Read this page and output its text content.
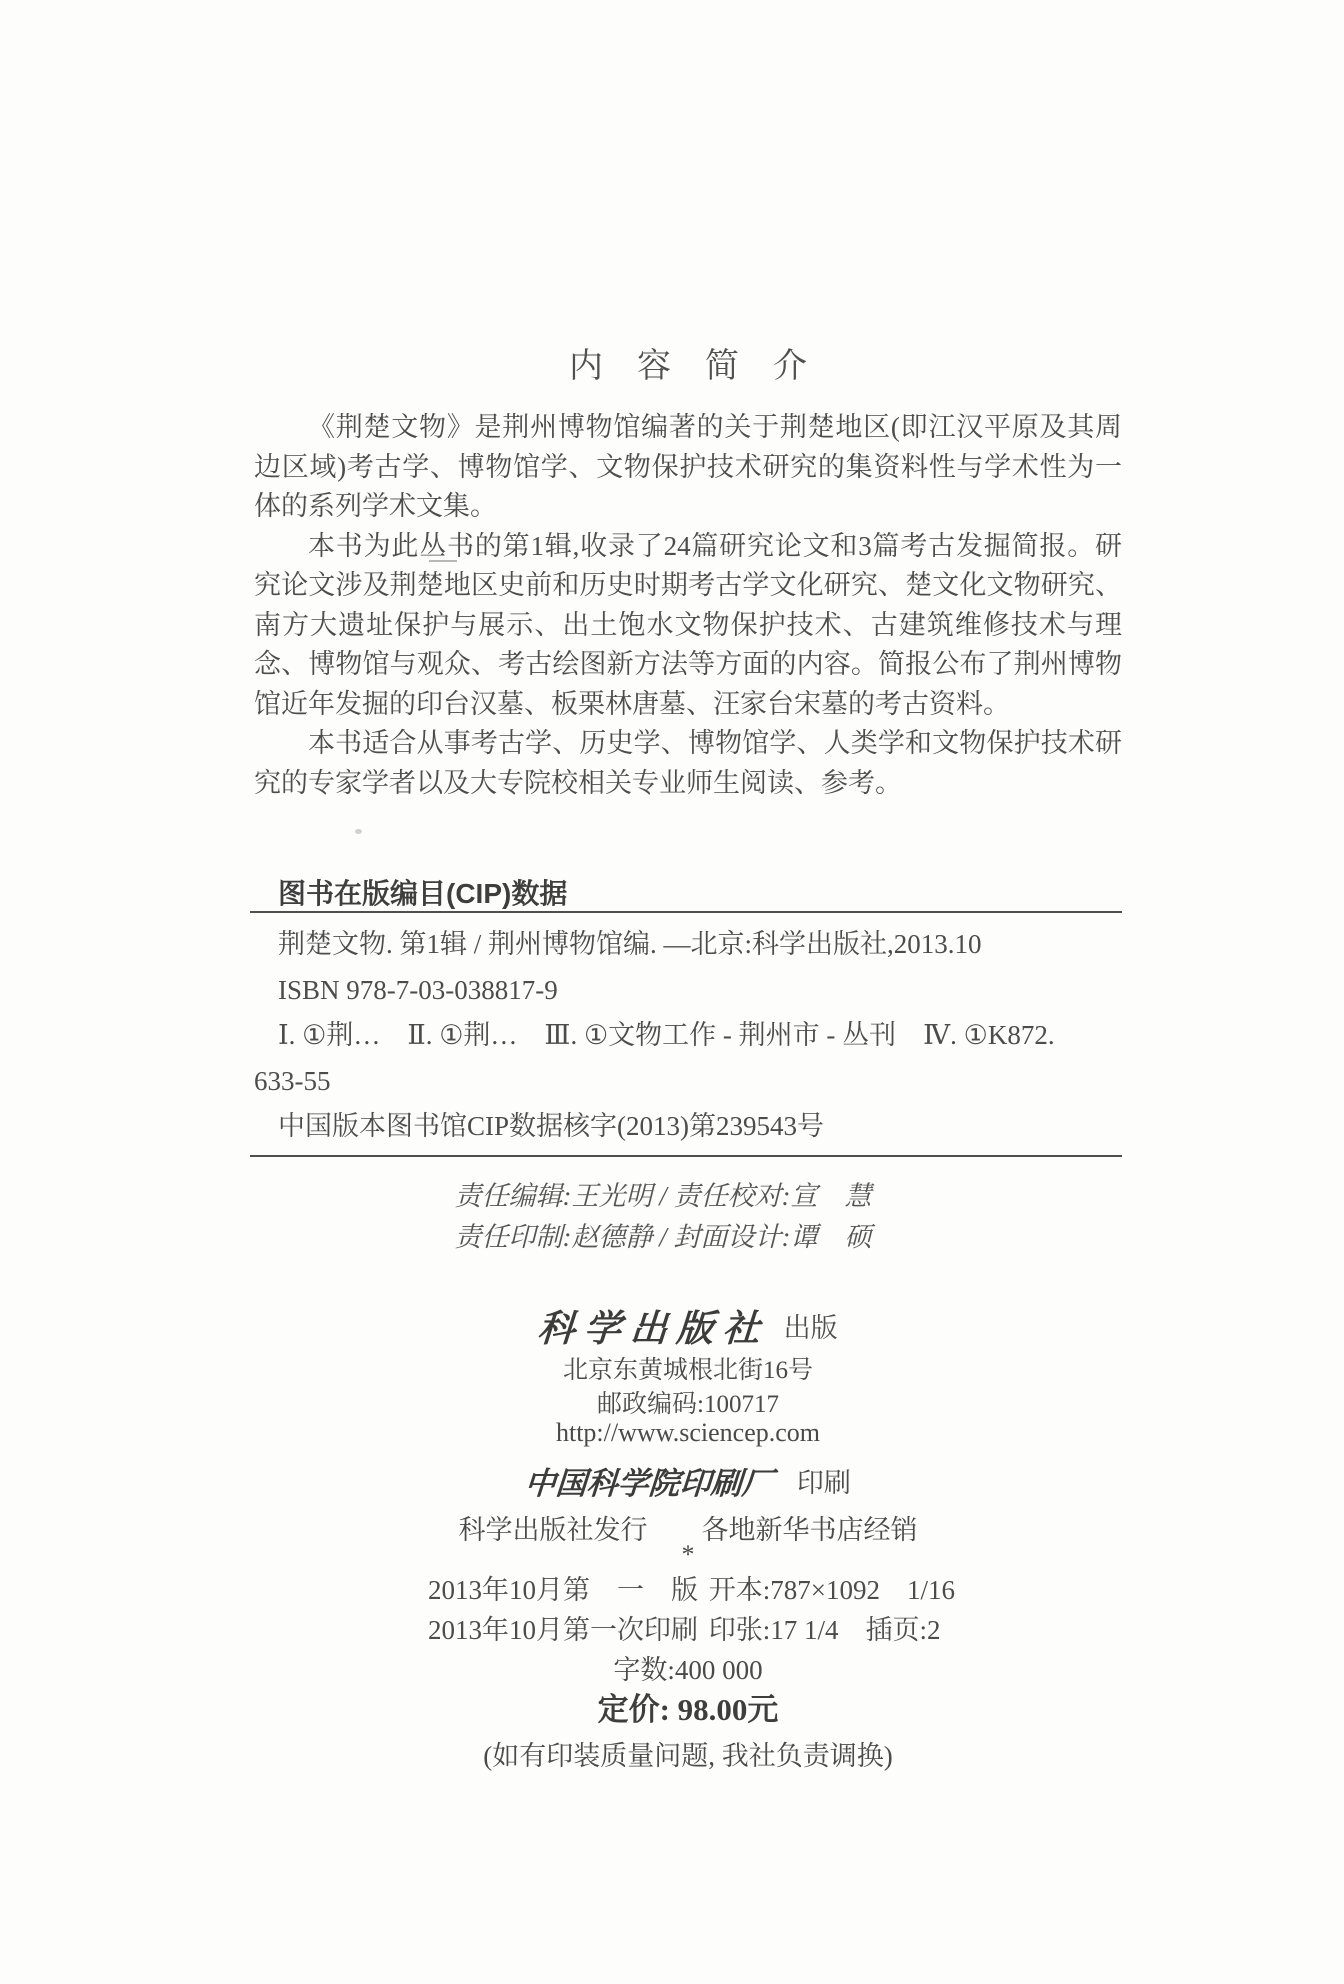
内　容　简　介
《荆楚文物》是荆州博物馆编著的关于荆楚地区(即江汉平原及其周
边区域)考古学、博物馆学、文物保护技术研究的集资料性与学术性为一
体的系列学术文集。
本书为此丛书的第1辑,收录了24篇研究论文和3篇考古发掘简报。研
究论文涉及荆楚地区史前和历史时期考古学文化研究、楚文化文物研究、
南方大遗址保护与展示、出土饱水文物保护技术、古建筑维修技术与理
念、博物馆与观众、考古绘图新方法等方面的内容。简报公布了荆州博物
馆近年发掘的印台汉墓、板栗林唐墓、汪家台宋墓的考古资料。
本书适合从事考古学、历史学、博物馆学、人类学和文物保护技术研
究的专家学者以及大专院校相关专业师生阅读、参考。
图书在版编目(CIP)数据
荆楚文物. 第1辑 / 荆州博物馆编. —北京:科学出版社,2013.10
ISBN 978-7-03-038817-9
Ⅰ. ①荆…　Ⅱ. ①荆…　Ⅲ. ①文物工作 - 荆州市 - 丛刊　Ⅳ. ①K872.
633-55
中国版本图书馆CIP数据核字(2013)第239543号
责任编辑:王光明 / 责任校对:宣　慧
责任印制:赵德静 / 封面设计:谭　硕
科 学 出 版 社 出版
北京东黄城根北街16号
邮政编码:100717
http://www.sciencep.com
中国科学院印刷厂 印刷
科学出版社发行　　各地新华书店经销
*
2013年10月第　一　版 开本:787×1092　1/16
2013年10月第一次印刷 印张:17 1/4　插页:2
字数:400 000
定价: 98.00元
(如有印装质量问题, 我社负责调换)
